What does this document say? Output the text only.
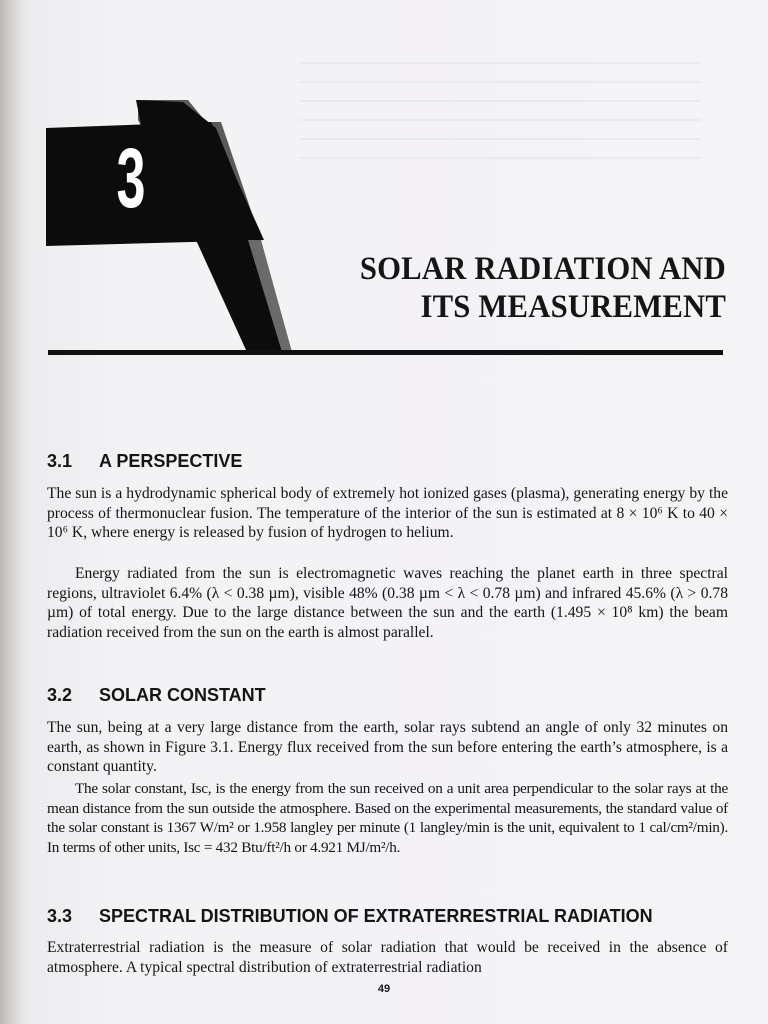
3
SOLAR RADIATION AND
ITS MEASUREMENT
3.1 A PERSPECTIVE

The sun is a hydrodynamic spherical body of extremely hot ionized gases (plasma), generating energy by the process of thermonuclear fusion. The temperature of the interior of the sun is estimated at 8 × 10⁶ K to 40 × 10⁶ K, where energy is released by fusion of hydrogen to helium.

Energy radiated from the sun is electromagnetic waves reaching the planet earth in three spectral regions, ultraviolet 6.4% (λ < 0.38 µm), visible 48% (0.38 µm < λ < 0.78 µm) and infrared 45.6% (λ > 0.78 µm) of total energy. Due to the large distance between the sun and the earth (1.495 × 10⁸ km) the beam radiation received from the sun on the earth is almost parallel.

3.2 SOLAR CONSTANT

The sun, being at a very large distance from the earth, solar rays subtend an angle of only 32 minutes on earth, as shown in Figure 3.1. Energy flux received from the sun before entering the earth’s atmosphere, is a constant quantity.

The solar constant, Isc, is the energy from the sun received on a unit area perpendicular to the solar rays at the mean distance from the sun outside the atmosphere. Based on the experimental measurements, the standard value of the solar constant is 1367 W/m² or 1.958 langley per minute (1 langley/min is the unit, equivalent to 1 cal/cm²/min). In terms of other units, Isc = 432 Btu/ft²/h or 4.921 MJ/m²/h.

3.3 SPECTRAL DISTRIBUTION OF EXTRATERRESTRIAL RADIATION

Extraterrestrial radiation is the measure of solar radiation that would be received in the absence of atmosphere. A typical spectral distribution of extraterrestrial radiation

49
